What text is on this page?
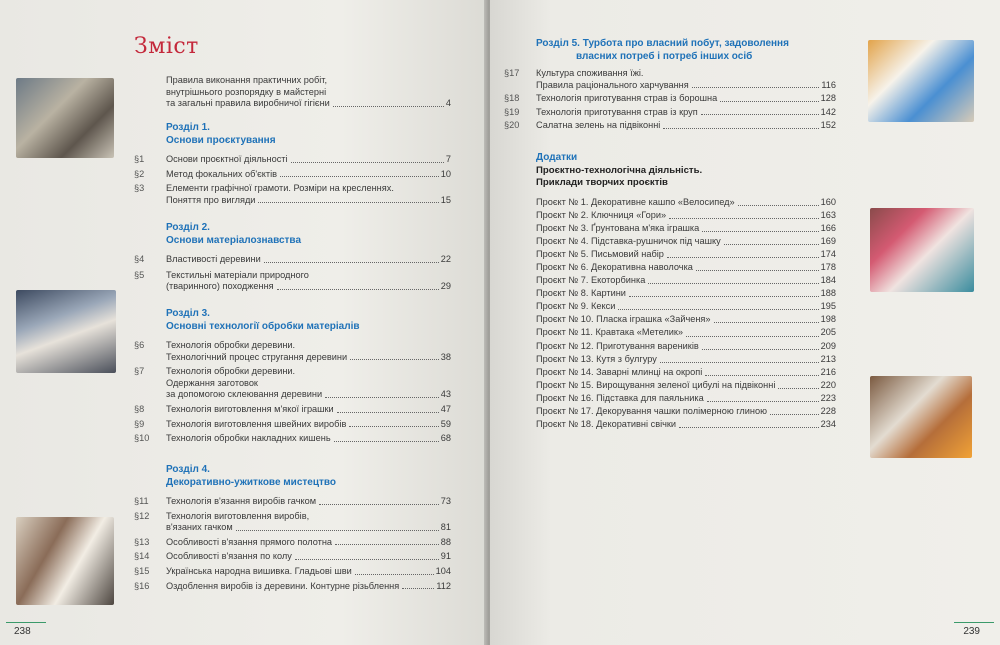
Зміст
Правила виконання практичних робіт,
внутрішнього розпорядку в майстерні
та загальні правила виробничої гігієни	4
Розділ 1.
Основи проєктування
§1 Основи проєктної діяльності	7
§2 Метод фокальних об'єктів	10
§3 Елементи графічної грамоти. Розміри на кресленнях.
Поняття про вигляди	15
Розділ 2.
Основи матеріалознавства
§4 Властивості деревини	22
§5 Текстильні матеріали природного
(тваринного) походження	29
Розділ 3.
Основні технології обробки матеріалів
§6 Технологія обробки деревини.
Технологічний процес стругання деревини	38
§7 Технологія обробки деревини.
Одержання заготовок
за допомогою склеювання деревини	43
§8 Технологія виготовлення м'якої іграшки	47
§9 Технологія виготовлення швейних виробів	59
§10 Технологія обробки накладних кишень	68
Розділ 4.
Декоративно-ужиткове мистецтво
§11 Технологія в'язання виробів гачком	73
§12 Технологія виготовлення виробів,
в'язаних гачком	81
§13 Особливості в'язання прямого полотна	88
§14 Особливості в'язання по колу	91
§15 Українська народна вишивка. Гладьові шви	104
§16 Оздоблення виробів із деревини. Контурне різьблення	112
238
Розділ 5. Турбота про власний побут, задоволення
власних потреб і потреб інших осіб
§17 Культура споживання їжі.
Правила раціонального харчування	116
§18 Технологія приготування страв із борошна	128
§19 Технологія приготування страв із круп	142
§20 Салатна зелень на підвіконні	152
Додатки
Проєктно-технологічна діяльність.
Приклади творчих проєктів
Проєкт № 1. Декоративне кашпо «Велосипед»	160
Проєкт № 2. Ключниця «Гори»	163
Проєкт № 3. Ґрунтована м'яка іграшка	166
Проєкт № 4. Підставка-рушничок під чашку	169
Проєкт № 5. Письмовий набір	174
Проєкт № 6. Декоративна наволочка	178
Проєкт № 7. Екоторбинка	184
Проєкт № 8. Картини	188
Проєкт № 9. Кекси	195
Проєкт № 10. Пласка іграшка «Зайченя»	198
Проєкт № 11. Кравтака «Метелик»	205
Проєкт № 12. Приготування вареників	209
Проєкт № 13. Кутя з булгуру	213
Проєкт № 14. Заварні млинці на окропі	216
Проєкт № 15. Вирощування зеленої цибулі на підвіконні	220
Проєкт № 16. Підставка для паяльника	223
Проєкт № 17. Декорування чашки полімерною глиною	228
Проєкт № 18. Декоративні свічки	234
239
